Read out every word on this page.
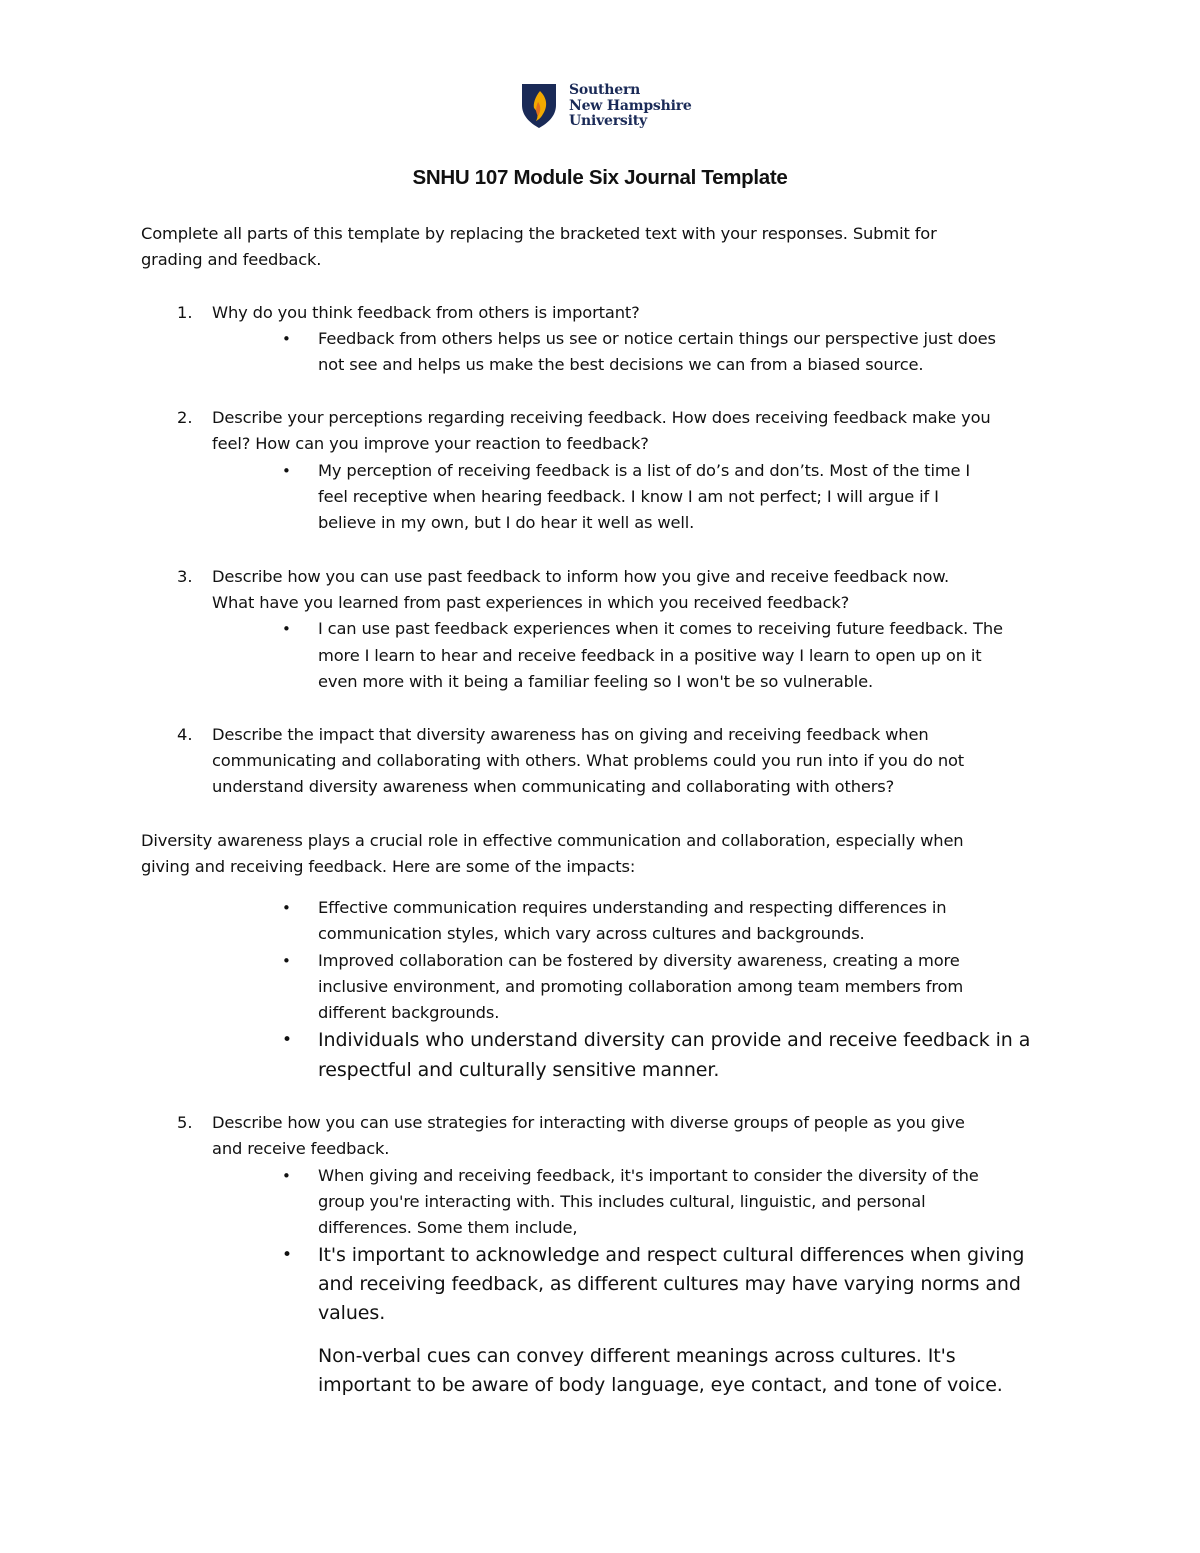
Southern
New Hampshire
University
SNHU 107 Module Six Journal Template
Complete all parts of this template by replacing the bracketed text with your responses. Submit for
grading and feedback.
1. Why do you think feedback from others is important?
• Feedback from others helps us see or notice certain things our perspective just does
not see and helps us make the best decisions we can from a biased source.
2. Describe your perceptions regarding receiving feedback. How does receiving feedback make you
feel? How can you improve your reaction to feedback?
• My perception of receiving feedback is a list of do’s and don’ts. Most of the time I
feel receptive when hearing feedback. I know I am not perfect; I will argue if I
believe in my own, but I do hear it well as well.
3. Describe how you can use past feedback to inform how you give and receive feedback now.
What have you learned from past experiences in which you received feedback?
• I can use past feedback experiences when it comes to receiving future feedback. The
more I learn to hear and receive feedback in a positive way I learn to open up on it
even more with it being a familiar feeling so I won't be so vulnerable.
4. Describe the impact that diversity awareness has on giving and receiving feedback when
communicating and collaborating with others. What problems could you run into if you do not
understand diversity awareness when communicating and collaborating with others?
Diversity awareness plays a crucial role in effective communication and collaboration, especially when
giving and receiving feedback. Here are some of the impacts:
• Effective communication requires understanding and respecting differences in
communication styles, which vary across cultures and backgrounds.
• Improved collaboration can be fostered by diversity awareness, creating a more
inclusive environment, and promoting collaboration among team members from
different backgrounds.
• Individuals who understand diversity can provide and receive feedback in a
respectful and culturally sensitive manner.
5. Describe how you can use strategies for interacting with diverse groups of people as you give
and receive feedback.
• When giving and receiving feedback, it's important to consider the diversity of the
group you're interacting with. This includes cultural, linguistic, and personal
differences. Some them include,
• It's important to acknowledge and respect cultural differences when giving
and receiving feedback, as different cultures may have varying norms and
values.
Non-verbal cues can convey different meanings across cultures. It's
important to be aware of body language, eye contact, and tone of voice.
